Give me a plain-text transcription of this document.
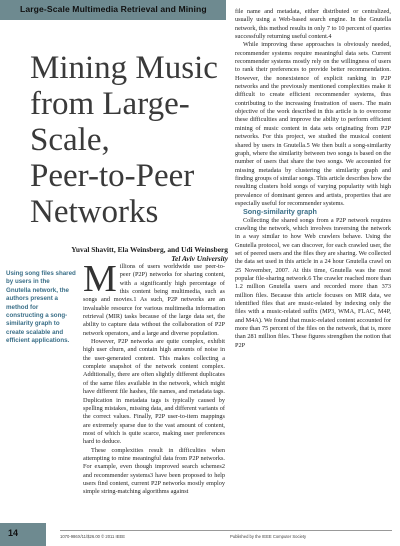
Large-Scale Multimedia Retrieval and Mining
Mining Music
from Large-Scale,
Peer-to-Peer
Networks
Yuval Shavitt, Ela Weinsberg, and Udi Weinsberg
Tel Aviv University
Using song files shared by users in the Gnutella network, the authors present a method for constructing a song-similarity graph to create scalable and efficient applications.

Millions of users worldwide use peer-to-peer (P2P) networks for sharing content, with a significantly high percentage of this content being multimedia, such as songs and movies.1 As such, P2P networks are an invaluable resource for various multimedia information retrieval (MIR) tasks because of the large data set, the ability to capture data without the collaboration of P2P network operators, and a large and diverse population.

However, P2P networks are quite complex, exhibit high user churn, and contain high amounts of noise in the user-generated content. This makes collecting a complete snapshot of the network content complex. Additionally, there are often slightly different duplicates of the same files available in the network, which might have different file hashes, file names, and metadata tags. Duplication in metadata tags is typically caused by spelling mistakes, missing data, and different variants of the correct values. Finally, P2P user-to-item mappings are extremely sparse due to the vast amount of content, most of which is quite scarce, making user preferences hard to deduce.

These complexities result in difficulties when attempting to mine meaningful data from P2P networks. For example, even though improved search schemes2 and recommender systems3 have been proposed to help users find content, current P2P networks mostly employ simple string-matching algorithms against

file name and metadata, either distributed or centralized, usually using a Web-based search engine. In the Gnutella network, this method results in only 7 to 10 percent of queries successfully returning useful content.4

While improving these approaches is obviously needed, recommender systems require meaningful data sets. Current recommender systems mostly rely on the willingness of users to rank their preferences to provide better recommendation. However, the nonexistence of explicit ranking in P2P networks and the previously mentioned complexities make it difficult to create efficient recommender systems, thus contributing to the increasing frustration of users. The main objective of the work described in this article is to overcome these difficulties and improve the ability to perform efficient mining of music content in data sets originating from P2P networks. For this project, we studied the musical content shared by users in Gnutella.5 We then built a song-similarity graph, where the similarity between two songs is based on the number of users that share the two songs. We accounted for missing metadata by clustering the similarity graph and finding groups of similar songs. This article describes how the resulting clusters hold songs of varying popularity with high prevalence of dominant genres and artists, properties that are especially useful for recommender systems.

Song-similarity graph

Collecting the shared songs from a P2P network requires crawling the network, which involves traversing the network in a way similar to how Web crawlers behave. Using the Gnutella protocol, we can discover, for each crawled user, the set of peered users and the files they are sharing. We collected the data set used in this article in a 24 hour Gnutella crawl on 25 November, 2007. At this time, Gnutella was the most popular file-sharing network.6 The crawler reached more than 1.2 million Gnutella users and recorded more than 373 million files. Because this article focuses on MIR data, we identified files that are music-related by indexing only the files with a music-related suffix (MP3, WMA, FLAC, M4P, and M4A). We found that music-related content accounted for more than 75 percent of the files on the network, that is, more than 281 million files. These figures strengthen the notion that P2P

14	1070-986X/11/$26.00 © 2011 IEEE	Published by the IEEE Computer Society
